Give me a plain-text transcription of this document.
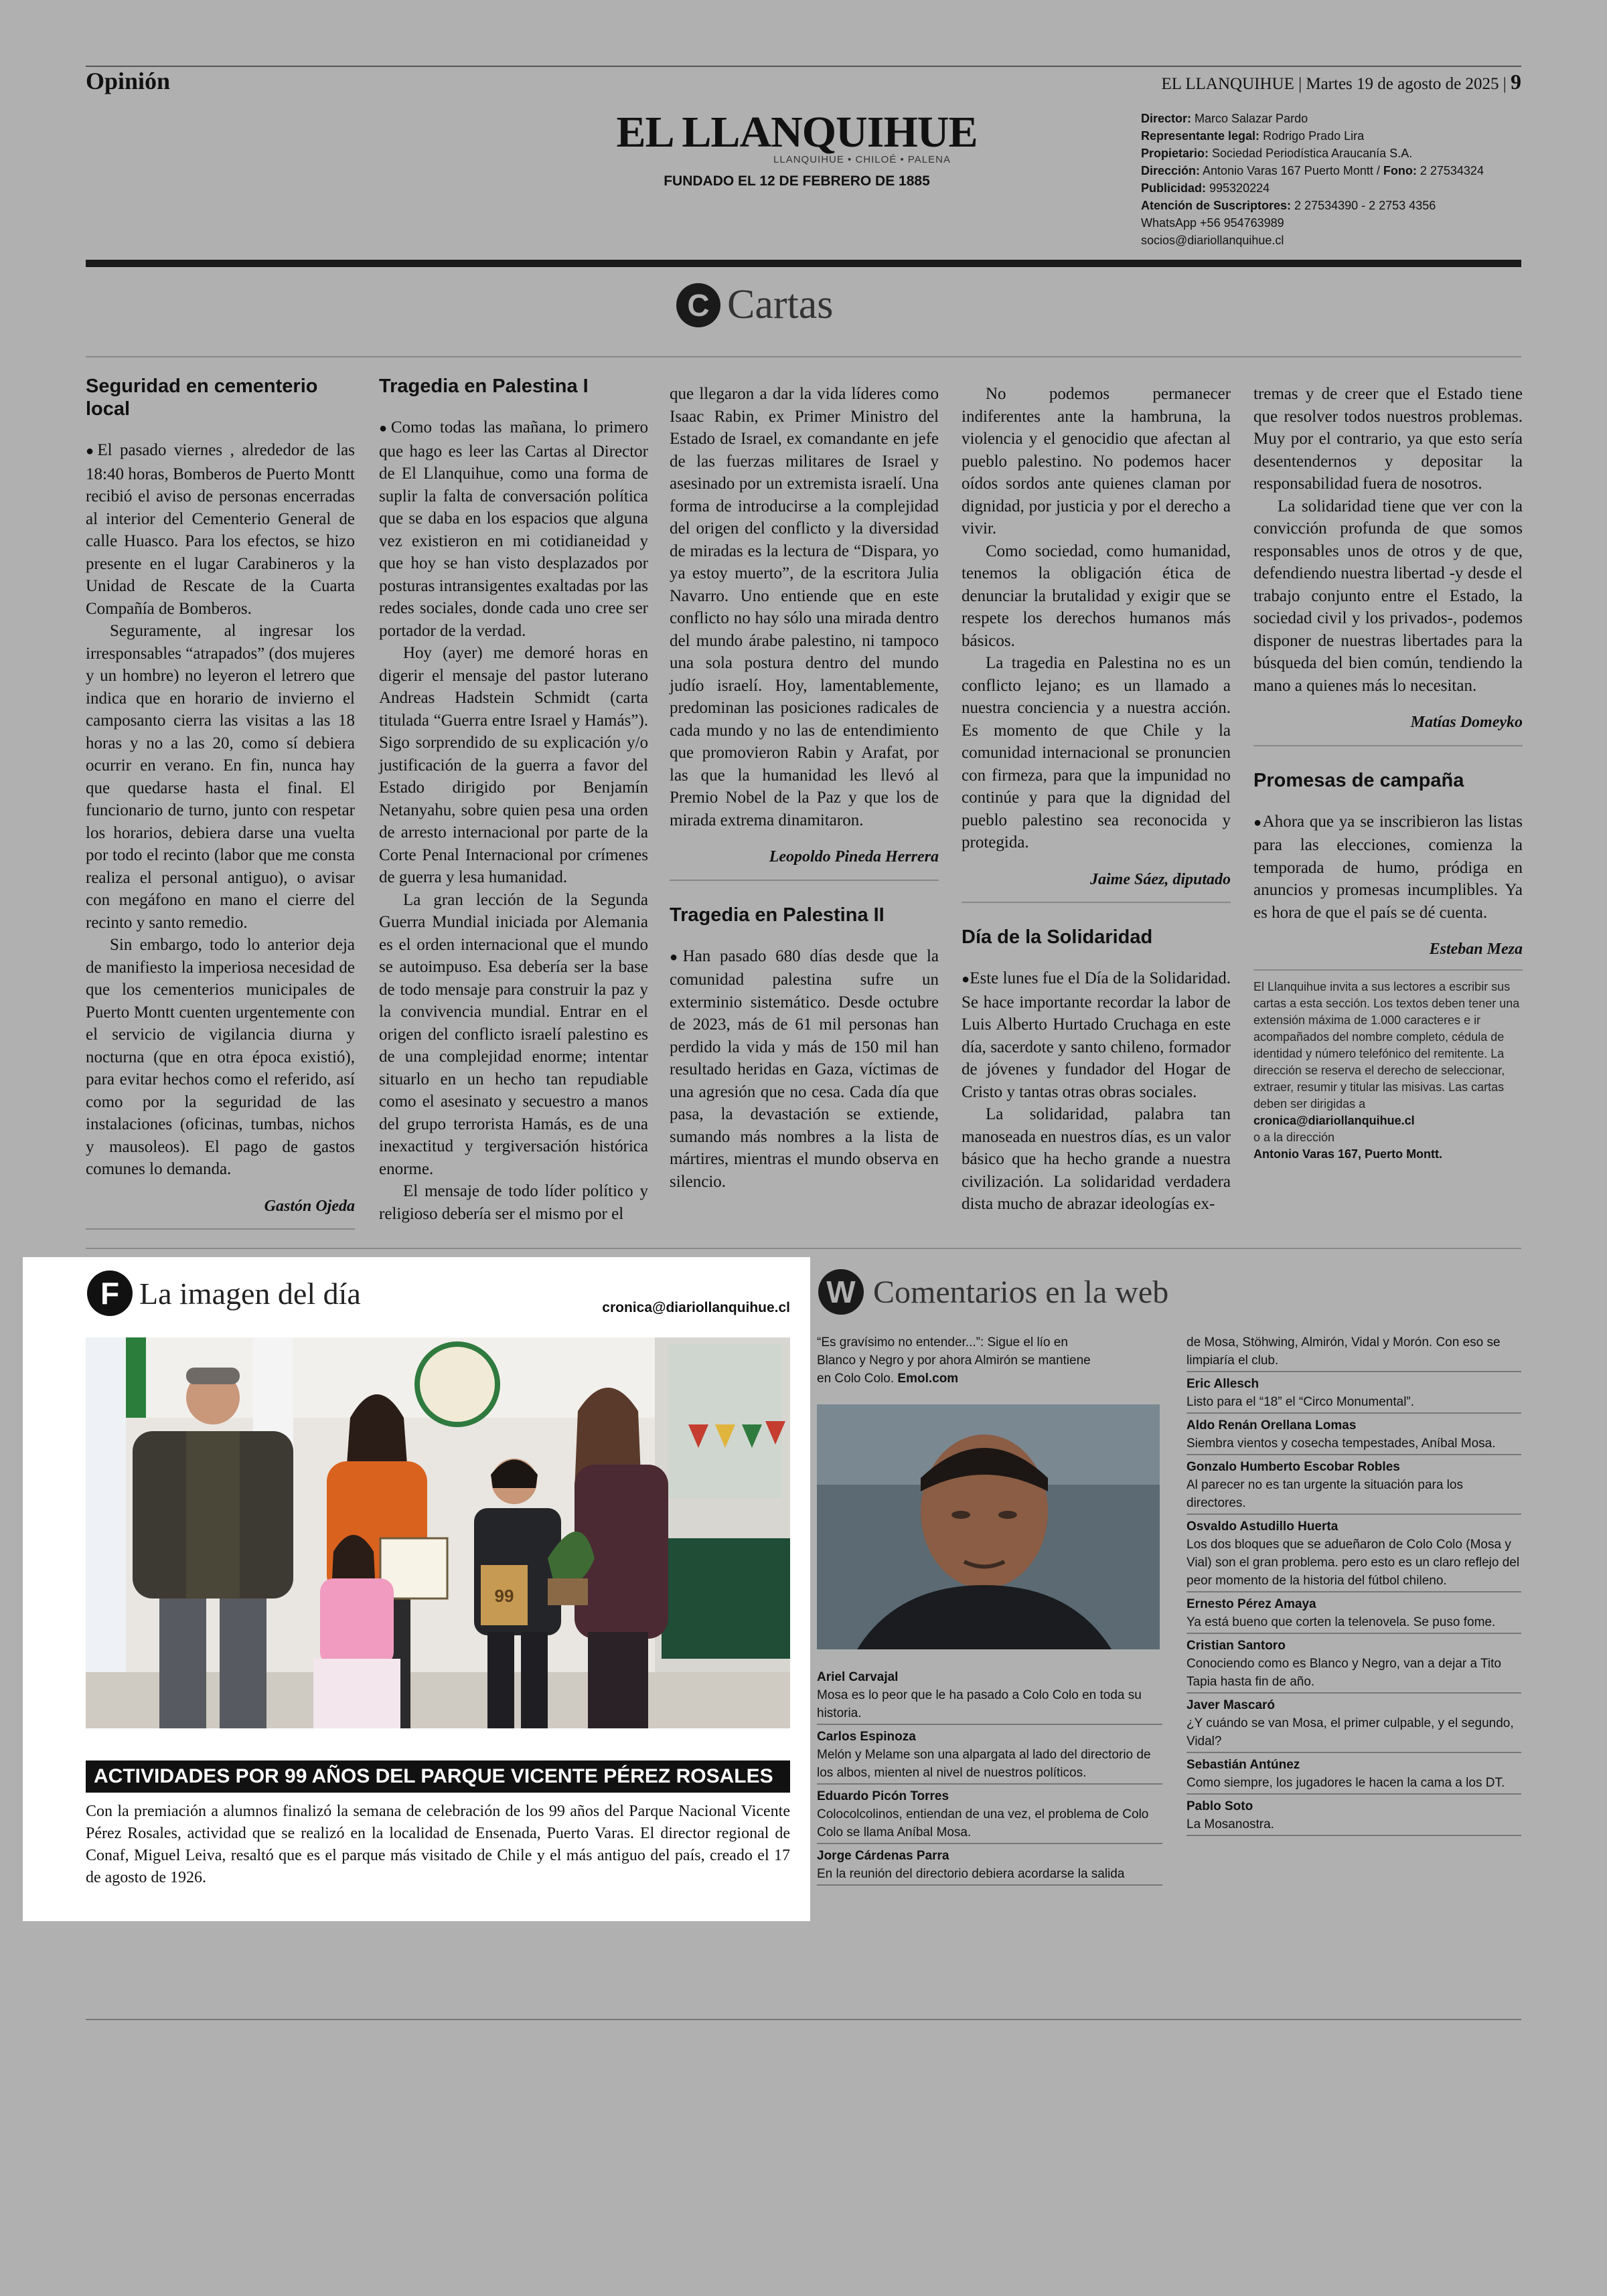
Opinión	EL LLANQUIHUE | Martes 19 de agosto de 2025 | 9
EL LLANQUIHUE
LLANQUIHUE • CHILOÉ • PALENA
FUNDADO EL 12 DE FEBRERO DE 1885
Director: Marco Salazar Pardo
Representante legal: Rodrigo Prado Lira
Propietario: Sociedad Periodística Araucanía S.A.
Dirección: Antonio Varas 167 Puerto Montt / Fono: 2 27534324
Publicidad: 995320224
Atención de Suscriptores: 2 27534390 - 2 2753 4356
WhatsApp +56 954763989
socios@diariollanquihue.cl
C Cartas
Seguridad en cementerio local

●El pasado viernes , alrededor de las 18:40 horas, Bomberos de Puerto Montt recibió el aviso de personas encerradas al interior del Cementerio General de calle Huasco. Para los efectos, se hizo presente en el lugar Carabineros y la Unidad de Rescate de la Cuarta Compañía de Bomberos.

Seguramente, al ingresar los irresponsables “atrapados” (dos mujeres y un hombre) no leyeron el letrero que indica que en horario de invierno el camposanto cierra las visitas a las 18 horas y no a las 20, como sí debiera ocurrir en verano. En fin, nunca hay que quedarse hasta el final. El funcionario de turno, junto con respetar los horarios, debiera darse una vuelta por todo el recinto (labor que me consta realiza el personal antiguo), o avisar con megáfono en mano el cierre del recinto y santo remedio.

Sin embargo, todo lo anterior deja de manifiesto la imperiosa necesidad de que los cementerios municipales de Puerto Montt cuenten urgentemente con el servicio de vigilancia diurna y nocturna (que en otra época existió), para evitar hechos como el referido, así como por la seguridad de las instalaciones (oficinas, tumbas, nichos y mausoleos). El pago de gastos comunes lo demanda.

Gastón Ojeda
Tragedia en Palestina I

●Como todas las mañana, lo primero que hago es leer las Cartas al Director de El Llanquihue, como una forma de suplir la falta de conversación política que se daba en los espacios que alguna vez existieron en mi cotidianeidad y que hoy se han visto desplazados por posturas intransigentes exaltadas por las redes sociales, donde cada uno cree ser portador de la verdad.

Hoy (ayer) me demoré horas en digerir el mensaje del pastor luterano Andreas Hadstein Schmidt (carta titulada “Guerra entre Israel y Hamás”). Sigo sorprendido de su explicación y/o justificación de la guerra a favor del Estado dirigido por Benjamín Netanyahu, sobre quien pesa una orden de arresto internacional por parte de la Corte Penal Internacional por crímenes de guerra y lesa humanidad.

La gran lección de la Segunda Guerra Mundial iniciada por Alemania es el orden internacional que el mundo se autoimpuso. Esa debería ser la base de todo mensaje para construir la paz y la convivencia mundial. Entrar en el origen del conflicto israelí palestino es de una complejidad enorme; intentar situarlo en un hecho tan repudiable como el asesinato y secuestro a manos del grupo terrorista Hamás, es de una inexactitud y tergiversación histórica enorme.

El mensaje de todo líder político y religioso debería ser el mismo por el

que llegaron a dar la vida líderes como Isaac Rabin, ex Primer Ministro del Estado de Israel, ex comandante en jefe de las fuerzas militares de Israel y asesinado por un extremista israelí. Una forma de introducirse a la complejidad del origen del conflicto y la diversidad de miradas es la lectura de “Dispara, yo ya estoy muerto”, de la escritora Julia Navarro. Uno entiende que en este conflicto no hay sólo una mirada dentro del mundo árabe palestino, ni tampoco una sola postura dentro del mundo judío israelí. Hoy, lamentablemente, predominan las posiciones radicales de cada mundo y no las de entendimiento que promovieron Rabin y Arafat, por las que la humanidad les llevó al Premio Nobel de la Paz y que los de mirada extrema dinamitaron.

Leopoldo Pineda Herrera
Tragedia en Palestina II

●Han pasado 680 días desde que la comunidad palestina sufre un exterminio sistemático. Desde octubre de 2023, más de 61 mil personas han perdido la vida y más de 150 mil han resultado heridas en Gaza, víctimas de una agresión que no cesa. Cada día que pasa, la devastación se extiende, sumando más nombres a la lista de mártires, mientras el mundo observa en silencio.

No podemos permanecer indiferentes ante la hambruna, la violencia y el genocidio que afectan al pueblo palestino. No podemos hacer oídos sordos ante quienes claman por dignidad, por justicia y por el derecho a vivir.

Como sociedad, como humanidad, tenemos la obligación ética de denunciar la brutalidad y exigir que se respete los derechos humanos más básicos.

La tragedia en Palestina no es un conflicto lejano; es un llamado a nuestra conciencia y a nuestra acción. Es momento de que Chile y la comunidad internacional se pronuncien con firmeza, para que la impunidad no continúe y para que la dignidad del pueblo palestino sea reconocida y protegida.

Jaime Sáez, diputado
Día de la Solidaridad

●Este lunes fue el Día de la Solidaridad. Se hace importante recordar la labor de Luis Alberto Hurtado Cruchaga en este día, sacerdote y santo chileno, formador de jóvenes y fundador del Hogar de Cristo y tantas otras obras sociales.

La solidaridad, palabra tan manoseada en nuestros días, es un valor básico que ha hecho grande a nuestra civilización. La solidaridad verdadera dista mucho de abrazar ideologías ex-

tremas y de creer que el Estado tiene que resolver todos nuestros problemas. Muy por el contrario, ya que esto sería desentendernos y depositar la responsabilidad fuera de nosotros.

La solidaridad tiene que ver con la convicción profunda de que somos responsables unos de otros y de que, defendiendo nuestra libertad -y desde el trabajo conjunto entre el Estado, la sociedad civil y los privados-, podemos disponer de nuestras libertades para la búsqueda del bien común, tendiendo la mano a quienes más lo necesitan.

Matías Domeyko
Promesas de campaña

●Ahora que ya se inscribieron las listas para las elecciones, comienza la temporada de humo, pródiga en anuncios y promesas incumplibles. Ya es hora de que el país se dé cuenta.

Esteban Meza
El Llanquihue invita a sus lectores a escribir sus cartas a esta sección. Los textos deben tener una extensión máxima de 1.000 caracteres e ir acompañados del nombre completo, cédula de identidad y número telefónico del remitente. La dirección se reserva el derecho de seleccionar, extraer, resumir y titular las misivas. Las cartas deben ser dirigidas a
cronica@diariollanquihue.cl
o a la dirección
Antonio Varas 167, Puerto Montt.
F La imagen del día	cronica@diariollanquihue.cl
99
ACTIVIDADES POR 99 AÑOS DEL PARQUE VICENTE PÉREZ ROSALES
Con la premiación a alumnos finalizó la semana de celebración de los 99 años del Parque Nacional Vicente Pérez Rosales, actividad que se realizó en la localidad de Ensenada, Puerto Varas. El director regional de Conaf, Miguel Leiva, resaltó que es el parque más visitado de Chile y el más antiguo del país, creado el 17 de agosto de 1926.
W Comentarios en la web
“Es gravísimo no entender...”: Sigue el lío en Blanco y Negro y por ahora Almirón se mantiene en Colo Colo. Emol.com
Ariel Carvajal
Mosa es lo peor que le ha pasado a Colo Colo en toda su historia.
Carlos Espinoza
Melón y Melame son una alpargata al lado del directorio de los albos, mienten al nivel de nuestros políticos.
Eduardo Picón Torres
Colocolcolinos, entiendan de una vez, el problema de Colo Colo se llama Aníbal Mosa.
Jorge Cárdenas Parra
En la reunión del directorio debiera acordarse la salida
de Mosa, Stöhwing, Almirón, Vidal y Morón. Con eso se limpiaría el club.
Eric Allesch
Listo para el “18” el “Circo Monumental”.
Aldo Renán Orellana Lomas
Siembra vientos y cosecha tempestades, Aníbal Mosa.
Gonzalo Humberto Escobar Robles
Al parecer no es tan urgente la situación para los directores.
Osvaldo Astudillo Huerta
Los dos bloques que se adueñaron de Colo Colo (Mosa y Vial) son el gran problema. pero esto es un claro reflejo del peor momento de la historia del fútbol chileno.
Ernesto Pérez Amaya
Ya está bueno que corten la telenovela. Se puso fome.
Cristian Santoro
Conociendo como es Blanco y Negro, van a dejar a Tito Tapia hasta fin de año.
Javer Mascaró
¿Y cuándo se van Mosa, el primer culpable, y el segundo, Vidal?
Sebastián Antúnez
Como siempre, los jugadores le hacen la cama a los DT.
Pablo Soto
La Mosanostra.
